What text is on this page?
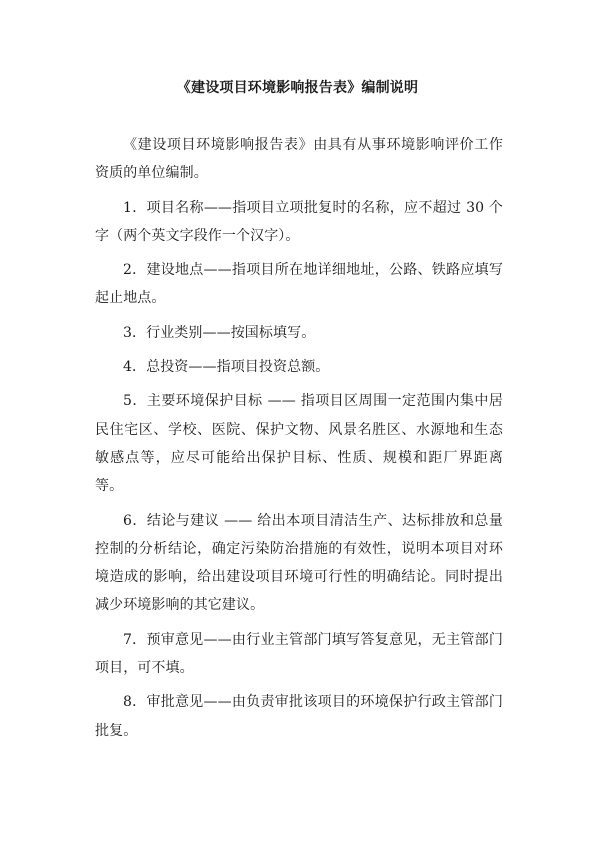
《建设项目环境影响报告表》编制说明

《建设项目环境影响报告表》由具有从事环境影响评价工作资质的单位编制。

1．项目名称——指项目立项批复时的名称，应不超过 30 个字（两个英文字段作一个汉字）。

2．建设地点——指项目所在地详细地址，公路、铁路应填写起止地点。

3．行业类别——按国标填写。

4．总投资——指项目投资总额。

5．主要环境保护目标 —— 指项目区周围一定范围内集中居民住宅区、学校、医院、保护文物、风景名胜区、水源地和生态敏感点等，应尽可能给出保护目标、性质、规模和距厂界距离等。

6．结论与建议 —— 给出本项目清洁生产、达标排放和总量控制的分析结论，确定污染防治措施的有效性，说明本项目对环境造成的影响，给出建设项目环境可行性的明确结论。同时提出减少环境影响的其它建议。

7．预审意见——由行业主管部门填写答复意见，无主管部门项目，可不填。

8．审批意见——由负责审批该项目的环境保护行政主管部门批复。
